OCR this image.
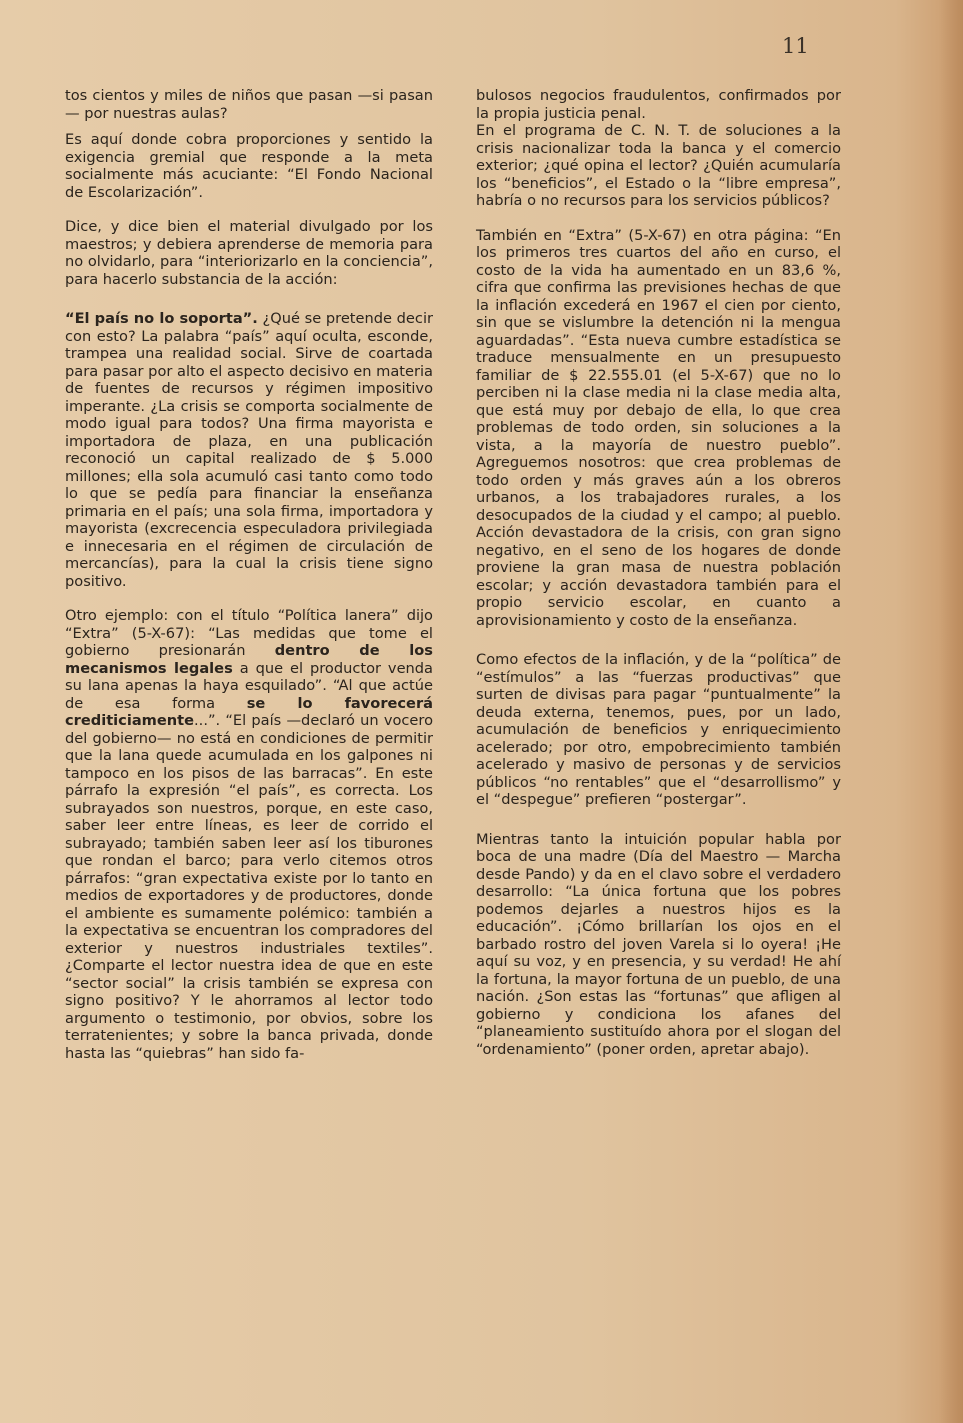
11

tos cientos y miles de niños que pasan —si pasan— por nuestras aulas?

Es aquí donde cobra proporciones y sentido la exigencia gremial que responde a la meta socialmente más acuciante: “El Fondo Nacional de Escolarización”.

Dice, y dice bien el material divulgado por los maestros; y debiera aprenderse de memoria para no olvidarlo, para “interiorizarlo en la conciencia”, para hacerlo substancia de la acción:

“El país no lo soporta”. ¿Qué se pretende decir con esto? La palabra “país” aquí oculta, esconde, trampea una realidad social. Sirve de coartada para pasar por alto el aspecto decisivo en materia de fuentes de recursos y régimen impositivo imperante. ¿La crisis se comporta socialmente de modo igual para todos? Una firma mayorista e importadora de plaza, en una publicación reconoció un capital realizado de $ 5.000 millones; ella sola acumuló casi tanto como todo lo que se pedía para financiar la enseñanza primaria en el país; una sola firma, importadora y mayorista (excrecencia especuladora privilegiada e innecesaria en el régimen de circulación de mercancías), para la cual la crisis tiene signo positivo.

Otro ejemplo: con el título “Política lanera” dijo “Extra” (5-X-67): “Las medidas que tome el gobierno presionarán dentro de los mecanismos legales a que el productor venda su lana apenas la haya esquilado”. “Al que actúe de esa forma se lo favorecerá crediticiamente...”. “El país —declaró un vocero del gobierno— no está en condiciones de permitir que la lana quede acumulada en los galpones ni tampoco en los pisos de las barracas”. En este párrafo la expresión “el país”, es correcta. Los subrayados son nuestros, porque, en este caso, saber leer entre líneas, es leer de corrido el subrayado; también saben leer así los tiburones que rondan el barco; para verlo citemos otros párrafos: “gran expectativa existe por lo tanto en medios de exportadores y de productores, donde el ambiente es sumamente polémico: también a la expectativa se encuentran los compradores del exterior y nuestros industriales textiles”. ¿Comparte el lector nuestra idea de que en este “sector social” la crisis también se expresa con signo positivo? Y le ahorramos al lector todo argumento o testimonio, por obvios, sobre los terratenientes; y sobre la banca privada, donde hasta las “quiebras” han sido fa-

bulosos negocios fraudulentos, confirmados por la propia justicia penal.

En el programa de C. N. T. de soluciones a la crisis nacionalizar toda la banca y el comercio exterior; ¿qué opina el lector? ¿Quién acumularía los “beneficios”, el Estado o la “libre empresa”, habría o no recursos para los servicios públicos?

También en “Extra” (5-X-67) en otra página: “En los primeros tres cuartos del año en curso, el costo de la vida ha aumentado en un 83,6 %, cifra que confirma las previsiones hechas de que la inflación excederá en 1967 el cien por ciento, sin que se vislumbre la detención ni la mengua aguardadas”. “Esta nueva cumbre estadística se traduce mensualmente en un presupuesto familiar de $ 22.555.01 (el 5-X-67) que no lo perciben ni la clase media ni la clase media alta, que está muy por debajo de ella, lo que crea problemas de todo orden, sin soluciones a la vista, a la mayoría de nuestro pueblo”. Agreguemos nosotros: que crea problemas de todo orden y más graves aún a los obreros urbanos, a los trabajadores rurales, a los desocupados de la ciudad y el campo; al pueblo. Acción devastadora de la crisis, con gran signo negativo, en el seno de los hogares de donde proviene la gran masa de nuestra población escolar; y acción devastadora también para el propio servicio escolar, en cuanto a aprovisionamiento y costo de la enseñanza.

Como efectos de la inflación, y de la “política” de “estímulos” a las “fuerzas productivas” que surten de divisas para pagar “puntualmente” la deuda externa, tenemos, pues, por un lado, acumulación de beneficios y enriquecimiento acelerado; por otro, empobrecimiento también acelerado y masivo de personas y de servicios públicos “no rentables” que el “desarrollismo” y el “despegue” prefieren “postergar”.

Mientras tanto la intuición popular habla por boca de una madre (Día del Maestro — Marcha desde Pando) y da en el clavo sobre el verdadero desarrollo: “La única fortuna que los pobres podemos dejarles a nuestros hijos es la educación”. ¡Cómo brillarían los ojos en el barbado rostro del joven Varela si lo oyera! ¡He aquí su voz, y en presencia, y su verdad! He ahí la fortuna, la mayor fortuna de un pueblo, de una nación. ¿Son estas las “fortunas” que afligen al gobierno y condiciona los afanes del “planeamiento sustituído ahora por el slogan del “ordenamiento” (poner orden, apretar abajo).
